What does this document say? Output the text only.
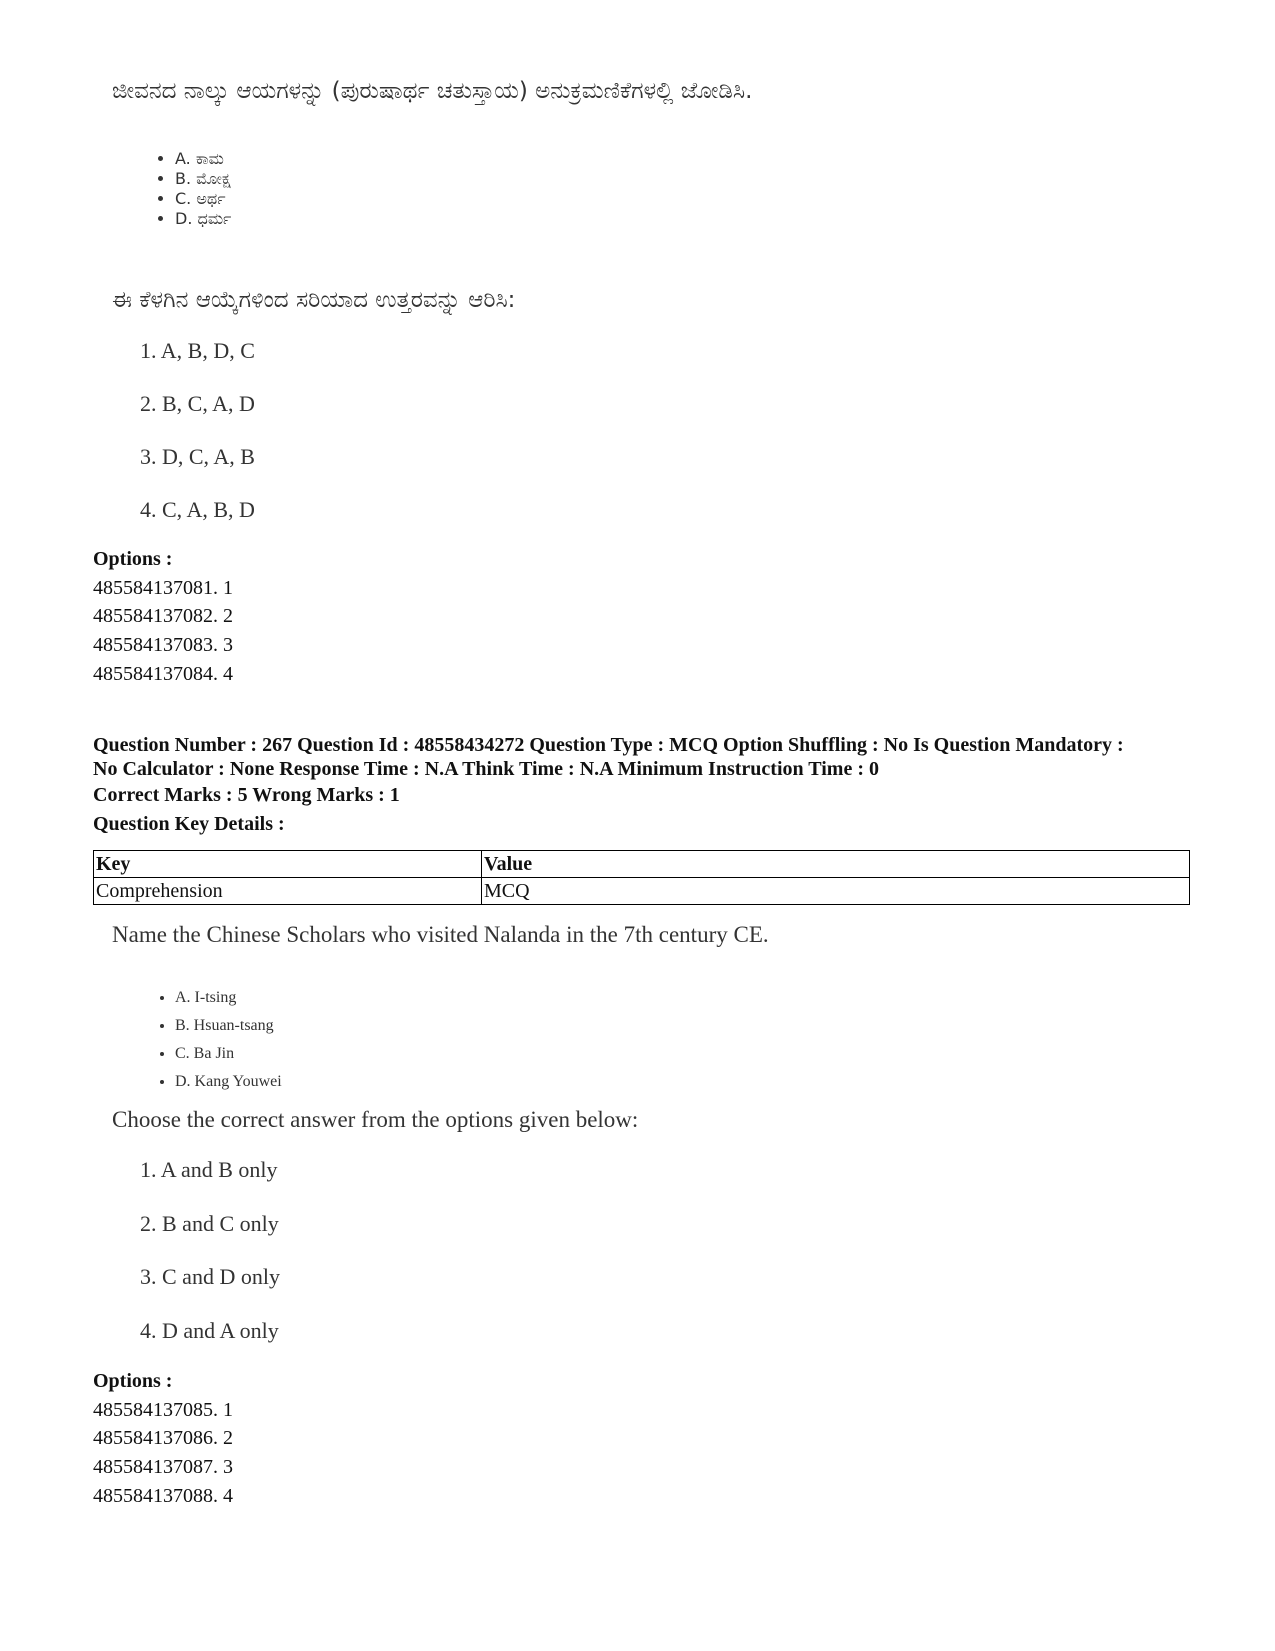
ಜೀವನದ ನಾಲ್ಕು ಆಯಗಳನ್ನು (ಪುರುಷಾರ್ಥ ಚತುಸ್ತಾಯ) ಅನುಕ್ರಮಣಿಕೆಗಳಲ್ಲಿ ಜೋಡಿಸಿ.
• A. ಕಾಮ
• B. ಮೋಕ್ಷ
• C. ಅರ್ಥ
• D. ಧರ್ಮ
ಈ ಕೆಳಗಿನ ಆಯ್ಕೆಗಳಿಂದ ಸರಿಯಾದ ಉತ್ತರವನ್ನು ಆರಿಸಿ:
1. A, B, D, C
2. B, C, A, D
3. D, C, A, B
4. C, A, B, D
Options :
485584137081. 1
485584137082. 2
485584137083. 3
485584137084. 4
Question Number : 267 Question Id : 48558434272 Question Type : MCQ Option Shuffling : No Is Question Mandatory :
No Calculator : None Response Time : N.A Think Time : N.A Minimum Instruction Time : 0
Correct Marks : 5 Wrong Marks : 1
Question Key Details :
Key	Value
Comprehension	MCQ
Name the Chinese Scholars who visited Nalanda in the 7th century CE.
• A. I-tsing
• B. Hsuan-tsang
• C. Ba Jin
• D. Kang Youwei
Choose the correct answer from the options given below:
1. A and B only
2. B and C only
3. C and D only
4. D and A only
Options :
485584137085. 1
485584137086. 2
485584137087. 3
485584137088. 4
